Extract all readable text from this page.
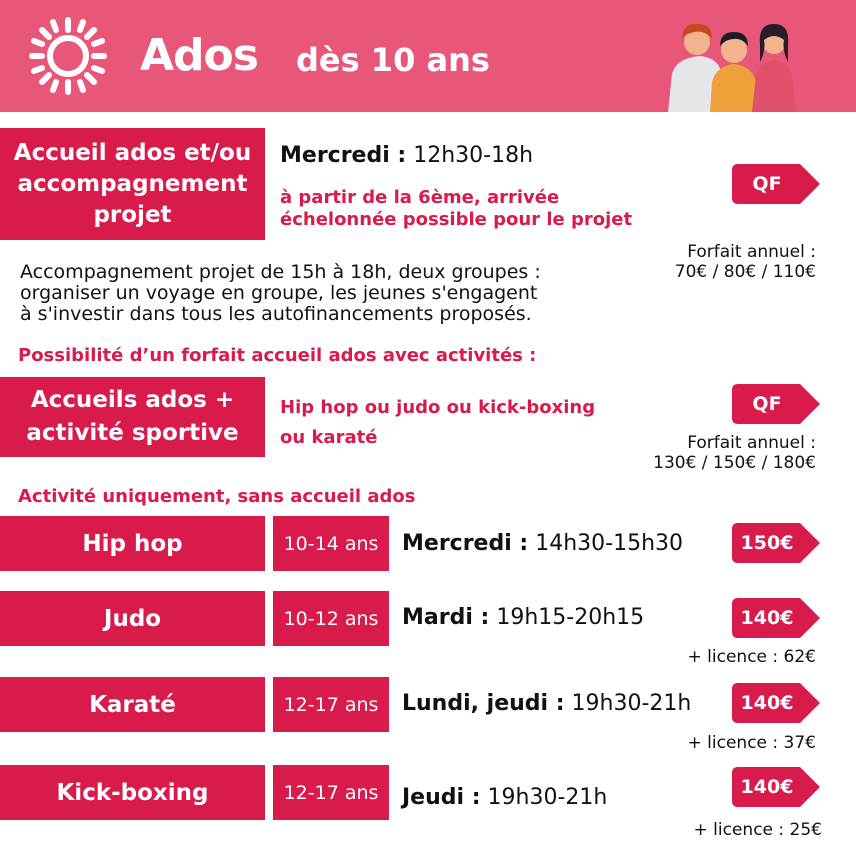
Ados dès 10 ans
Accueil ados et/ou
accompagnement
projet
Mercredi : 12h30-18h
à partir de la 6ème, arrivée
échelonnée possible pour le projet
QF
Forfait annuel :
70€ / 80€ / 110€
Accompagnement projet de 15h à 18h, deux groupes :
organiser un voyage en groupe, les jeunes s'engagent
à s'investir dans tous les autofinancements proposés.
Possibilité d’un forfait accueil ados avec activités :
Accueils ados +
activité sportive
Hip hop ou judo ou kick-boxing
ou karaté
QF
Forfait annuel :
130€ / 150€ / 180€
Activité uniquement, sans accueil ados
Hip hop	10-14 ans	Mercredi : 14h30-15h30	150€
Judo	10-12 ans	Mardi : 19h15-20h15	140€
+ licence : 62€
Karaté	12-17 ans	Lundi, jeudi : 19h30-21h	140€
+ licence : 37€
Kick-boxing	12-17 ans	Jeudi : 19h30-21h	140€
+ licence : 25€
